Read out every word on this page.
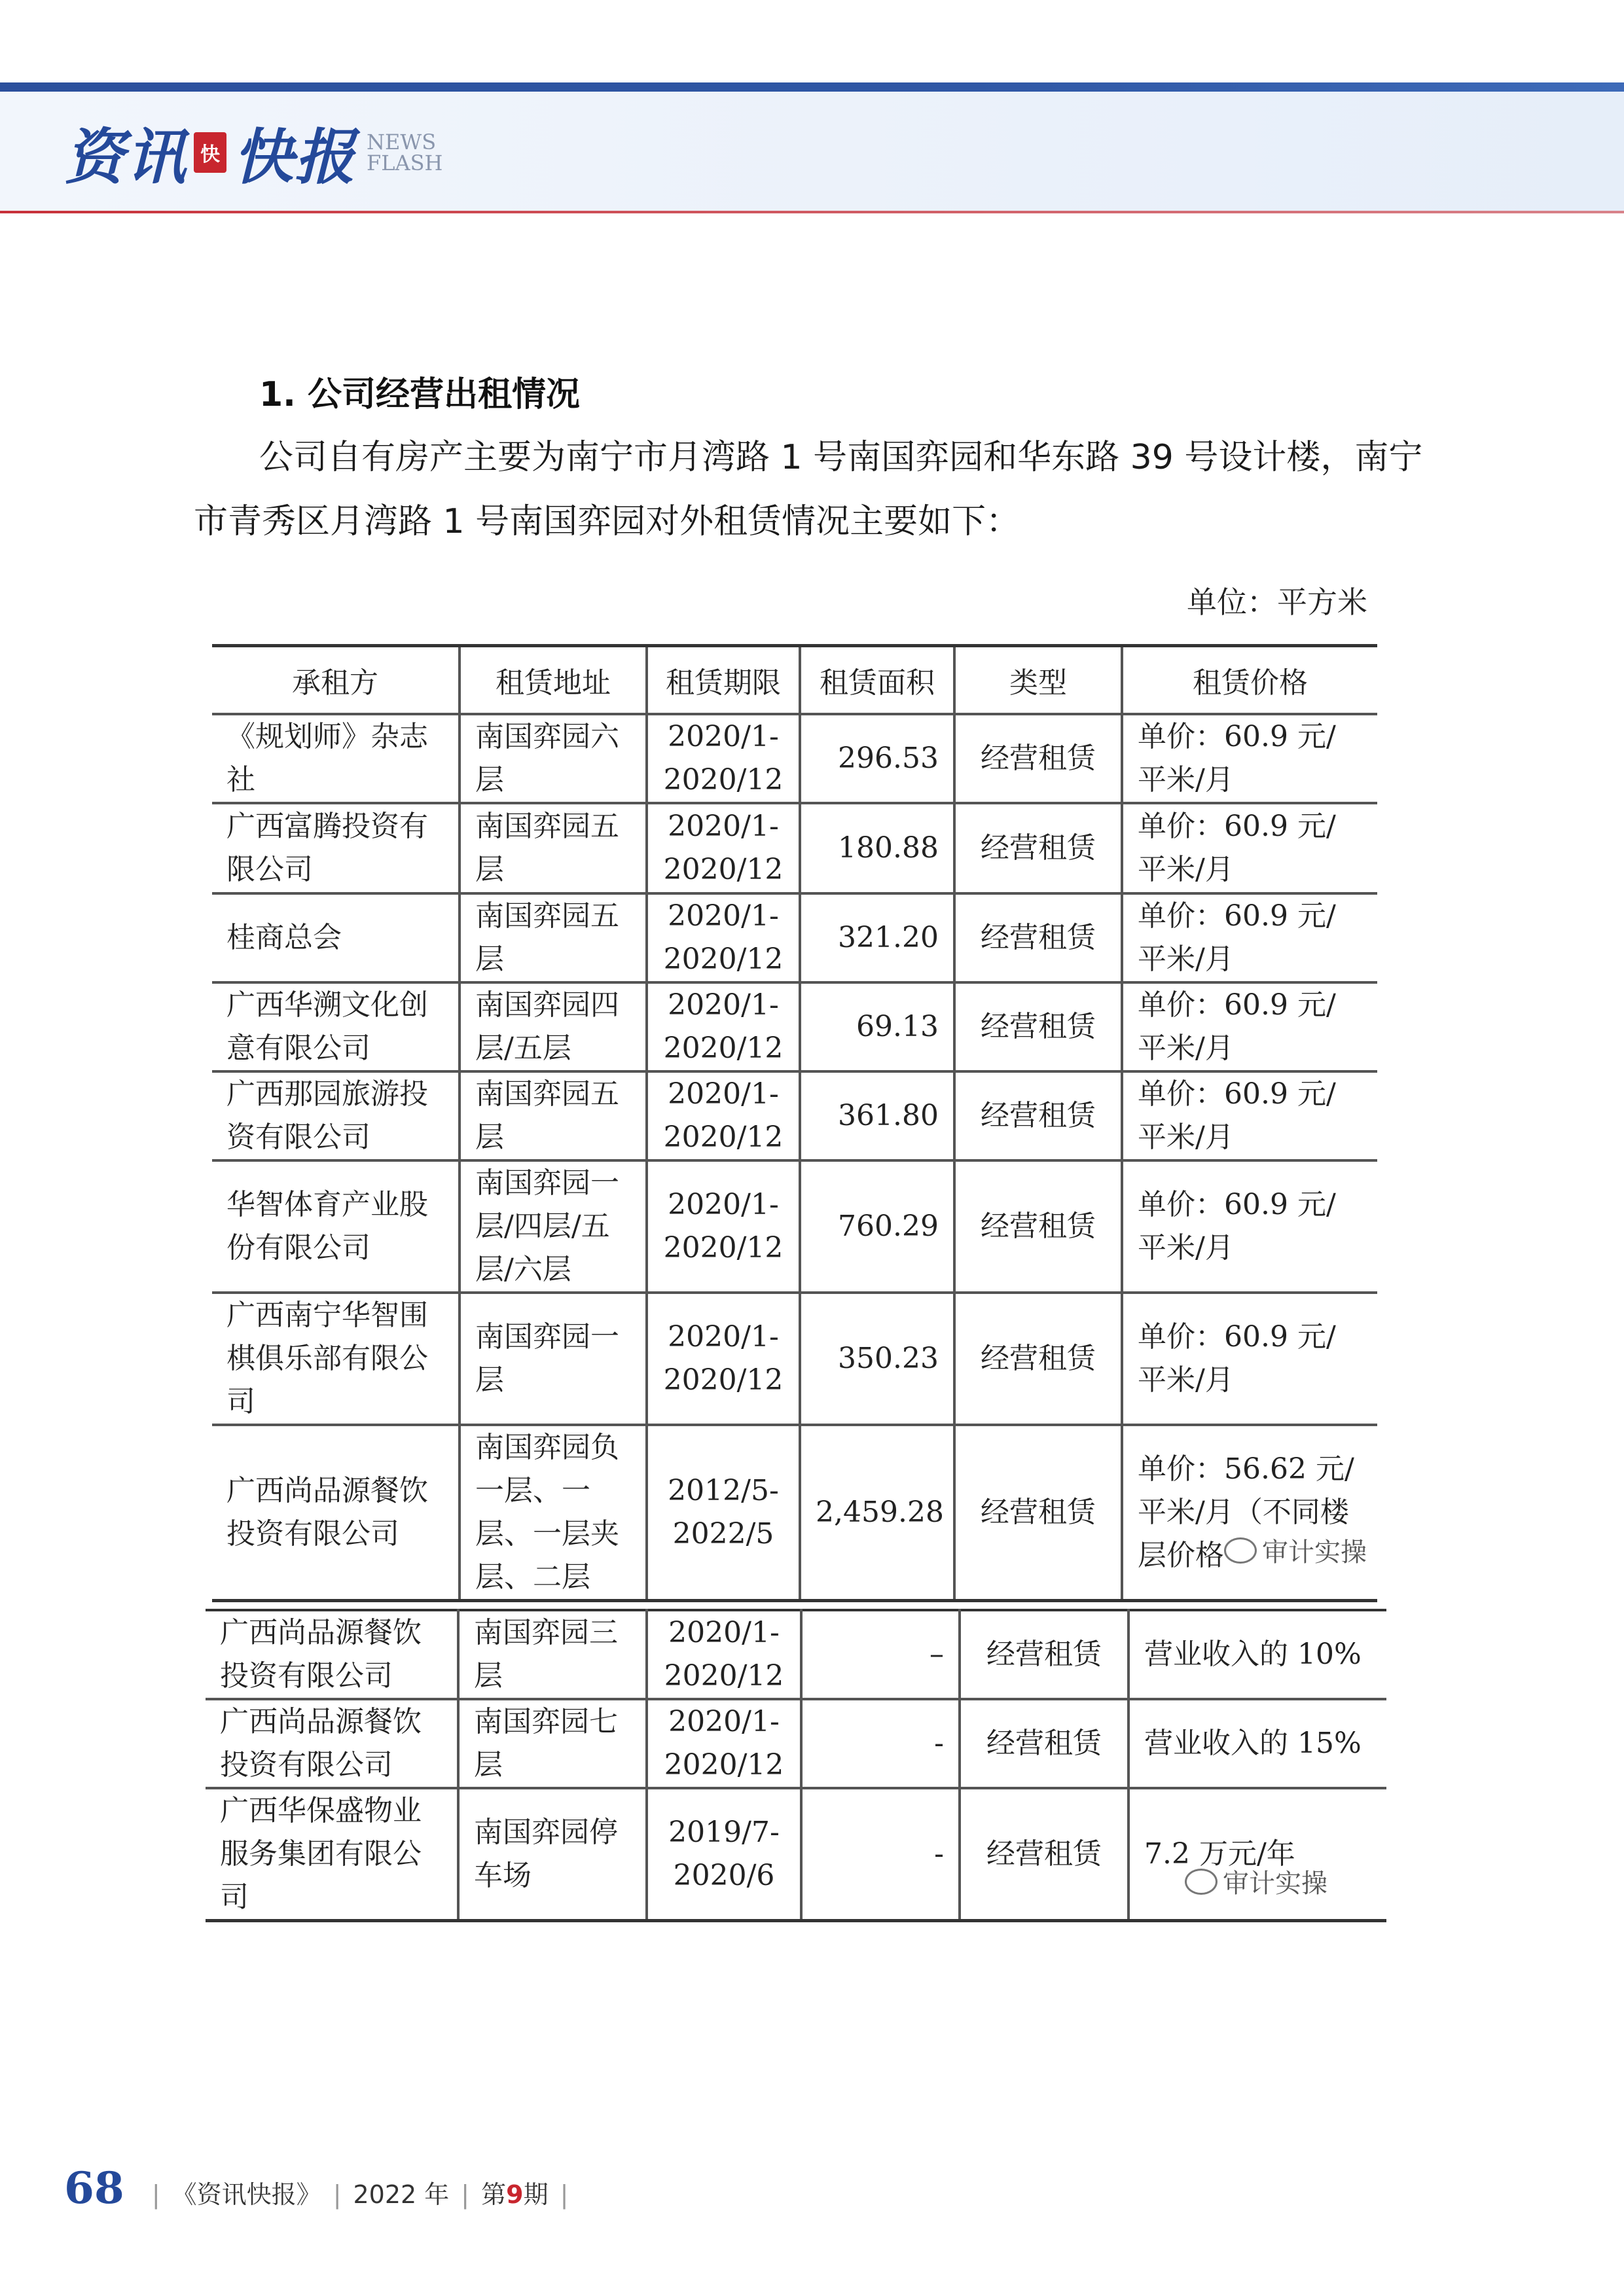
资讯 快 快报 NEWS
FLASH
1. 公司经营出租情况

公司自有房产主要为南宁市月湾路 1 号南国弈园和华东路 39 号设计楼，南宁市青秀区月湾路 1 号南国弈园对外租赁情况主要如下：

单位：平方米
承租方	租赁地址	租赁期限	租赁面积	类型	租赁价格
《规划师》杂志社	南国弈园六层	2020/1-2020/12	296.53	经营租赁	单价：60.9 元/平米/月
广西富腾投资有限公司	南国弈园五层	2020/1-2020/12	180.88	经营租赁	单价：60.9 元/平米/月
桂商总会	南国弈园五层	2020/1-2020/12	321.20	经营租赁	单价：60.9 元/平米/月
广西华溯文化创意有限公司	南国弈园四层/五层	2020/1-2020/12	69.13	经营租赁	单价：60.9 元/平米/月
广西那园旅游投资有限公司	南国弈园五层	2020/1-2020/12	361.80	经营租赁	单价：60.9 元/平米/月
华智体育产业股份有限公司	南国弈园一层/四层/五层/六层	2020/1-2020/12	760.29	经营租赁	单价：60.9 元/平米/月
广西南宁华智围棋俱乐部有限公司	南国弈园一层	2020/1-2020/12	350.23	经营租赁	单价：60.9 元/平米/月
广西尚品源餐饮投资有限公司	南国弈园负一层、一层、一层夹层、二层	2012/5-2022/5	2,459.28	经营租赁	单价：56.62 元/平米/月（不同楼层价格 审计实操
广西尚品源餐饮投资有限公司	南国弈园三层	2020/1-2020/12	–	经营租赁	营业收入的 10%
广西尚品源餐饮投资有限公司	南国弈园七层	2020/1-2020/12	-	经营租赁	营业收入的 15%
广西华保盛物业服务集团有限公司	南国弈园停车场	2019/7-2020/6	-	经营租赁	7.2 万元/年
审计实操
68 | 《资讯快报》 | 2022 年 | 第 9 期 |
